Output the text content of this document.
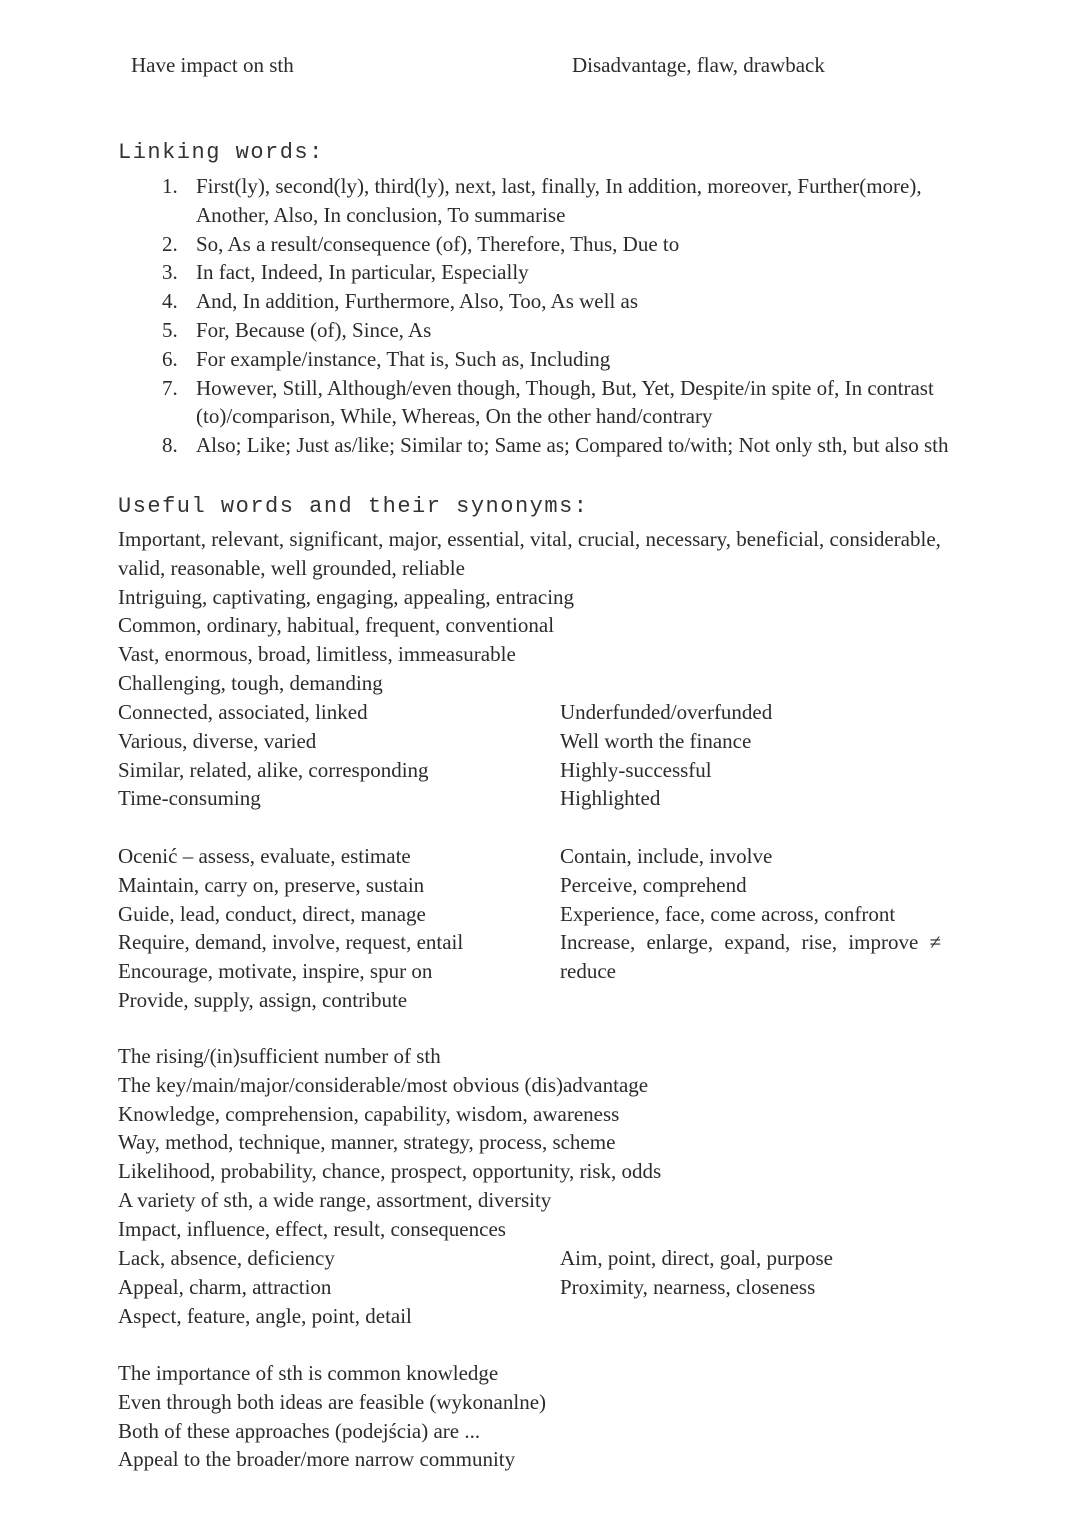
Have impact on sth	Disadvantage, flaw, drawback
Linking words:
1. First(ly), second(ly), third(ly), next, last, finally, In addition, moreover, Further(more),
Another, Also, In conclusion, To summarise
2. So, As a result/consequence (of), Therefore, Thus, Due to
3. In fact, Indeed, In particular, Especially
4. And, In addition, Furthermore, Also, Too, As well as
5. For, Because (of), Since, As
6. For example/instance, That is, Such as, Including
7. However, Still, Although/even though, Though, But, Yet, Despite/in spite of, In contrast
(to)/comparison, While, Whereas, On the other hand/contrary
8. Also; Like; Just as/like; Similar to; Same as; Compared to/with; Not only sth, but also sth
Useful words and their synonyms:
Important, relevant, significant, major, essential, vital, crucial, necessary, beneficial, considerable,
valid, reasonable, well grounded, reliable
Intriguing, captivating, engaging, appealing, entracing
Common, ordinary, habitual, frequent, conventional
Vast, enormous, broad, limitless, immeasurable
Challenging, tough, demanding
Connected, associated, linked
Various, diverse, varied
Similar, related, alike, corresponding
Time-consuming
Underfunded/overfunded
Well worth the finance
Highly-successful
Highlighted
Ocenić – assess, evaluate, estimate
Maintain, carry on, preserve, sustain
Guide, lead, conduct, direct, manage
Require, demand, involve, request, entail
Encourage, motivate, inspire, spur on
Provide, supply, assign, contribute
Contain, include, involve
Perceive, comprehend
Experience, face, come across, confront
Increase, enlarge, expand, rise, improve ≠
reduce
The rising/(in)sufficient number of sth
The key/main/major/considerable/most obvious (dis)advantage
Knowledge, comprehension, capability, wisdom, awareness
Way, method, technique, manner, strategy, process, scheme
Likelihood, probability, chance, prospect, opportunity, risk, odds
A variety of sth, a wide range, assortment, diversity
Impact, influence, effect, result, consequences
Lack, absence, deficiency
Appeal, charm, attraction
Aspect, feature, angle, point, detail
Aim, point, direct, goal, purpose
Proximity, nearness, closeness
The importance of sth is common knowledge
Even through both ideas are feasible (wykonanlne)
Both of these approaches (podejścia) are ...
Appeal to the broader/more narrow community
